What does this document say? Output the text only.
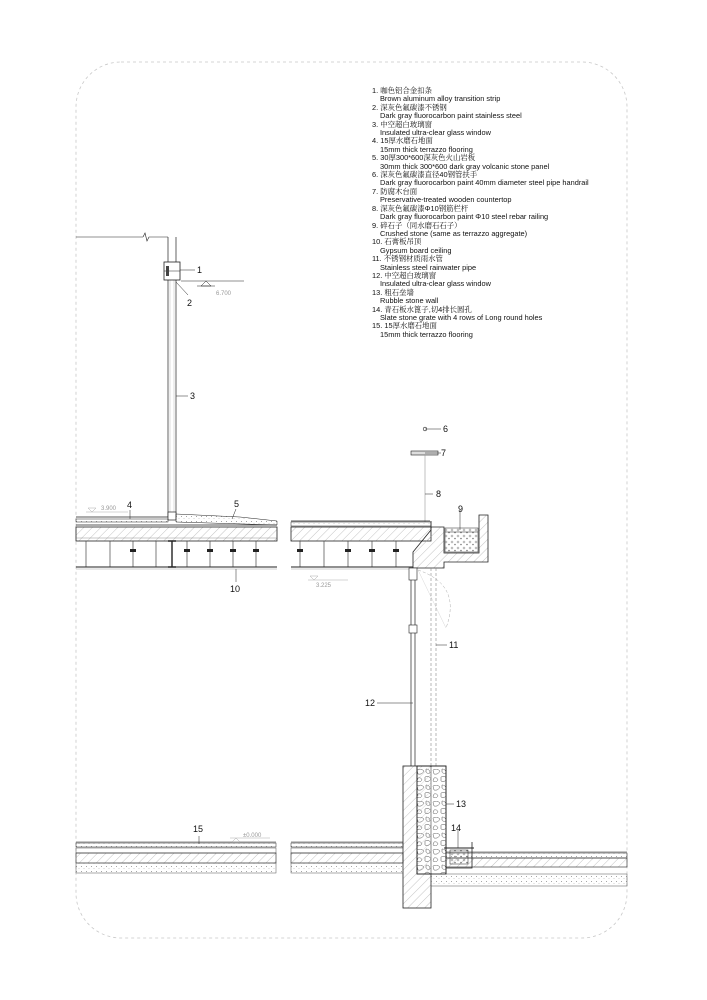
1
2
3
4	5
6
7
8
9
10
11
12
13
14
15
6.700
3.900
3.225
±0.000
1. 咖色铝合金扣条
Brown aluminum alloy transition strip
2. 深灰色氟碳漆不锈钢
Dark gray fluorocarbon paint stainless steel
3. 中空超白玻璃窗
Insulated ultra-clear glass window
4. 15厚水磨石地面
15mm thick terrazzo flooring
5. 30厚300*600深灰色火山岩板
30mm thick 300*600 dark gray volcanic stone panel
6. 深灰色氟碳漆直径40钢管扶手
Dark gray fluorocarbon paint 40mm diameter steel pipe handrail
7. 防腐木台面
Preservative-treated wooden countertop
8. 深灰色氟碳漆Φ10钢筋栏杆
Dark gray fluorocarbon paint Φ10 steel rebar railing
9. 碎石子（同水磨石石子）
Crushed stone (same as terrazzo aggregate)
10. 石膏板吊顶
Gypsum board ceiling
11. 不锈钢材质雨水管
Stainless steel rainwater pipe
12. 中空超白玻璃窗
Insulated ultra-clear glass window
13. 粗石垒墙
Rubble stone wall
14. 青石板水篦子,切4排长圆孔
Slate stone grate with 4 rows of Long round holes
15. 15厚水磨石地面
15mm thick terrazzo flooring
